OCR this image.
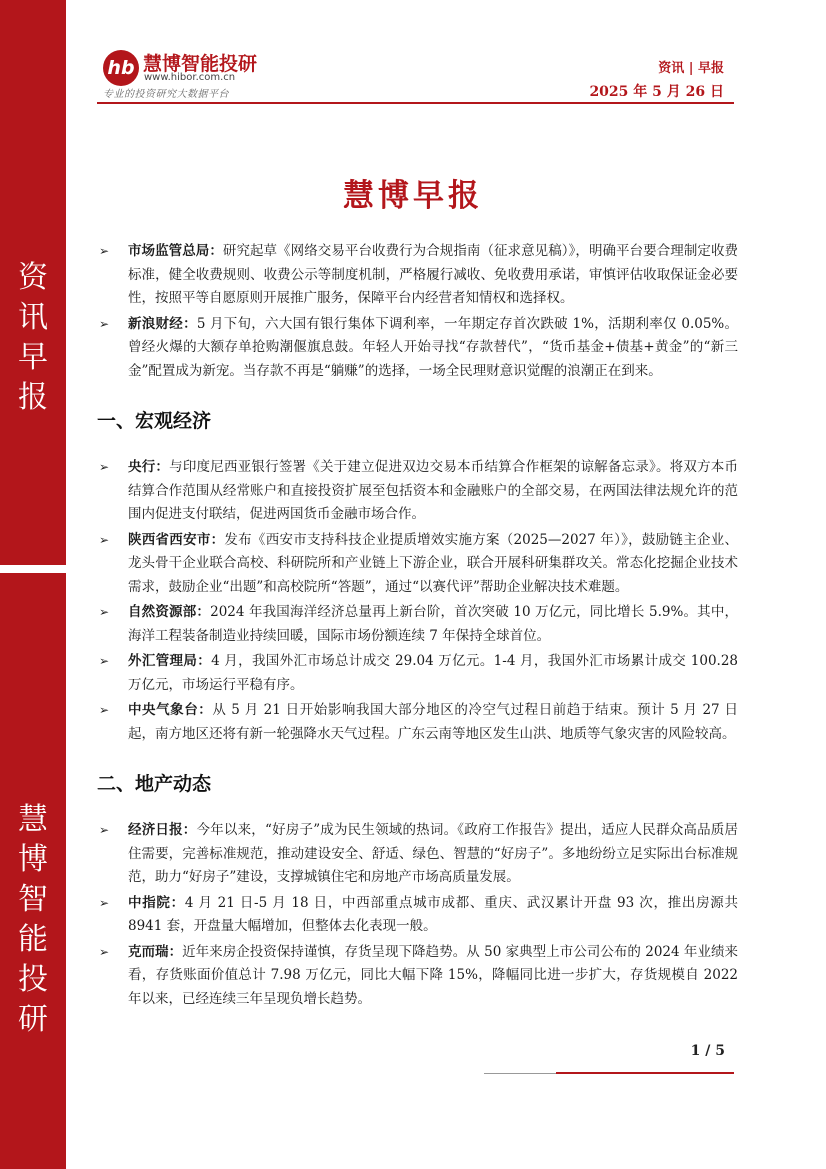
资
讯
早
报
慧
博
智
能
投
研
hb 慧博智能投研
www.hibor.com.cn
专业的投资研究大数据平台
资讯 | 早报
2025 年 5 月 26 日
慧博早报
➢ 市场监管总局：研究起草《网络交易平台收费行为合规指南（征求意见稿）》，明确平台要合理制定收费标准，健全收费规则、收费公示等制度机制，严格履行减收、免收费用承诺，审慎评估收取保证金必要性，按照平等自愿原则开展推广服务，保障平台内经营者知情权和选择权。
➢ 新浪财经：5 月下旬，六大国有银行集体下调利率，一年期定存首次跌破 1%，活期利率仅 0.05%。曾经火爆的大额存单抢购潮偃旗息鼓。年轻人开始寻找“存款替代”，“货币基金+债基+黄金”的“新三金”配置成为新宠。当存款不再是“躺赚”的选择，一场全民理财意识觉醒的浪潮正在到来。
一、宏观经济
➢ 央行：与印度尼西亚银行签署《关于建立促进双边交易本币结算合作框架的谅解备忘录》。将双方本币结算合作范围从经常账户和直接投资扩展至包括资本和金融账户的全部交易，在两国法律法规允许的范围内促进支付联结，促进两国货币金融市场合作。
➢ 陕西省西安市：发布《西安市支持科技企业提质增效实施方案（2025—2027 年）》，鼓励链主企业、龙头骨干企业联合高校、科研院所和产业链上下游企业，联合开展科研集群攻关。常态化挖掘企业技术需求，鼓励企业“出题”和高校院所“答题”，通过“以赛代评”帮助企业解决技术难题。
➢ 自然资源部：2024 年我国海洋经济总量再上新台阶，首次突破 10 万亿元，同比增长 5.9%。其中，海洋工程装备制造业持续回暖，国际市场份额连续 7 年保持全球首位。
➢ 外汇管理局：4 月，我国外汇市场总计成交 29.04 万亿元。1-4 月，我国外汇市场累计成交 100.28 万亿元，市场运行平稳有序。
➢ 中央气象台：从 5 月 21 日开始影响我国大部分地区的冷空气过程日前趋于结束。预计 5 月 27 日起，南方地区还将有新一轮强降水天气过程。广东云南等地区发生山洪、地质等气象灾害的风险较高。
二、地产动态
➢ 经济日报：今年以来，“好房子”成为民生领域的热词。《政府工作报告》提出，适应人民群众高品质居住需要，完善标准规范，推动建设安全、舒适、绿色、智慧的“好房子”。多地纷纷立足实际出台标准规范，助力“好房子”建设，支撑城镇住宅和房地产市场高质量发展。
➢ 中指院：4 月 21 日-5 月 18 日，中西部重点城市成都、重庆、武汉累计开盘 93 次，推出房源共 8941 套，开盘量大幅增加，但整体去化表现一般。
➢ 克而瑞：近年来房企投资保持谨慎，存货呈现下降趋势。从 50 家典型上市公司公布的 2024 年业绩来看，存货账面价值总计 7.98 万亿元，同比大幅下降 15%，降幅同比进一步扩大，存货规模自 2022 年以来，已经连续三年呈现负增长趋势。
1 / 5
